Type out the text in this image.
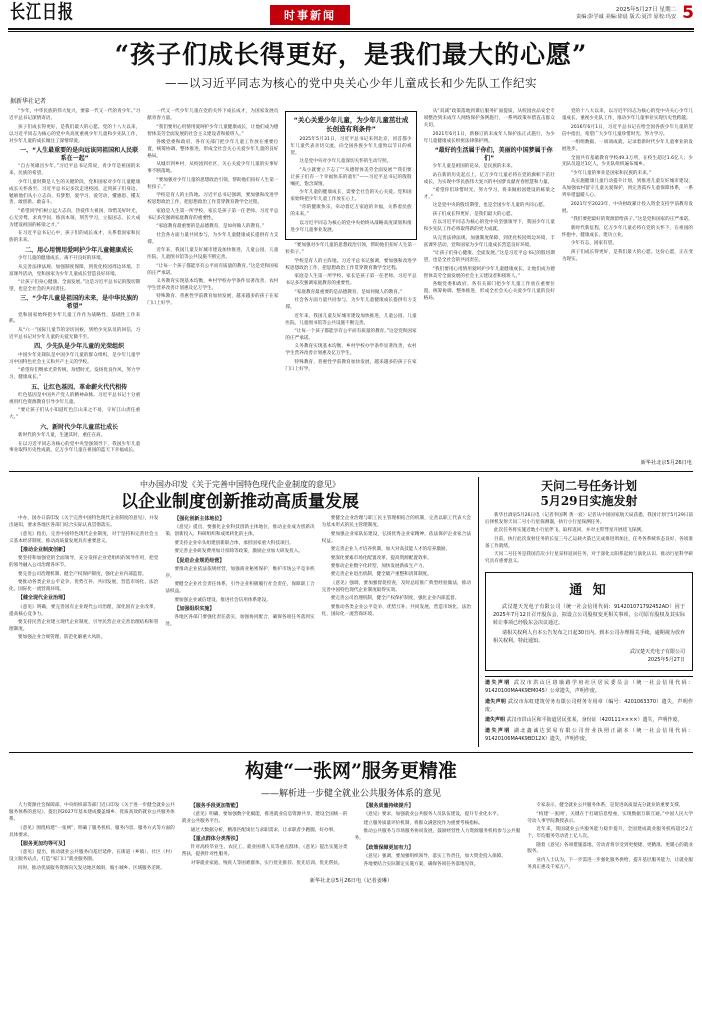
长江日报	时事新闻	2025年5月27日 星期二
责编:彭学诚 美编:徐晨 版式:夏洋 原校:玛安 5
“孩子们成长得更好，是我们最大的心愿”
——以习近平同志为核心的党中央关心少年儿童成长和少先队工作纪实
据新华社记者

“少年，中华民族的伟大复兴，要靠一代又一代的青少年。”习近平总书记深情寄语。

孩子们成长得更好，是我们最大的心愿。党的十八大以来，以习近平同志为核心的党中央高度重视少年儿童和少先队工作，对少年儿童的成长倾注了深情厚爱。

一、“人生最重要的是向远该同祖国和人民联系在一起”

“自古英雄出少年。”习近平总书记常说，青少年是祖国的未来、民族的希望。

少年儿童时期是人生的关键阶段，党和国家对少年儿童健康成长关怀备至。习近平总书记多次走进校园、走到孩子们身边，勉励他们从小立志向、有梦想，爱学习、爱劳动，懂感恩、懂友善，敢创新、敢奋斗。

“希望同学们树立远大志向，热爱伟大祖国，珍惜美好时光，心无旁骛，求真学问，练真本领，刻苦学习，立报国志，长大成为建设祖国的栋梁之才。”

在习近平总书记心中，孩子们的成长成才，关系着国家和民族的未来。

二、用心用情用爱呵护少年儿童健康成长

少年儿童的健康成长，离不开良好的环境。

从完善法律法规、加强制度保障，到优化校园周边环境、丰富课外活动，党和国家为少年儿童成长营造良好环境。

“让孩子们身心健康、全面发展。”这是习近平总书记的殷切期望，也是全社会的共同责任。

三、“少年儿童是祖国的未来，是中华民族的希望”

党和国家始终把少年儿童工作作为战略性、基础性工作来抓。

从“六一”国际儿童节的亲切问候，到给少先队员的回信，习近平总书记对少年儿童的关爱无微不至。

四、少先队是少年儿童的光荣组织

中国少年先锋队是中国少年儿童的群众组织，是少年儿童学习中国特色社会主义和共产主义的学校。

“希望你们继承光荣传统，珍惜时光，发扬优良作风，努力学习，健康成长。”

五、让红色基因、革命薪火代代相传

红色基因是中国共产党人的精神命脉。习近平总书记十分重视用红色资源教育引导少年儿童。

“要让孩子们从小知道红色江山来之不易，守好江山责任重大。”

六、新时代少年儿童茁壮成长

新时代的少年儿童，生逢其时，重任在肩。

在以习近平同志为核心的党中央坚强领导下，我国少年儿童事业取得历史性成就，亿万少年儿童在祖国的蓝天下幸福成长。

一代又一代少年儿童在党的关怀下成长成才，为国家发展贡献青春力量。

“我们要用心用情用爱呵护少年儿童健康成长，让他们成为德智体美劳全面发展的社会主义建设者和接班人。”

各级党委和政府、各有关部门把少年儿童工作放在重要位置，统筹协调、整体推进，形成全社会关心关爱少年儿童的良好格局。

从城市到乡村，从校园到社区，关心关爱少年儿童的实事好事不断落地。

“要加强对少年儿童的思想政治引领，帮助他们扣好人生第一粒扣子。”

学校是育人的主阵地。习近平总书记强调，要加强和改进学校思想政治工作，把思想政治工作贯穿教育教学全过程。

家庭是人生第一所学校，家长是孩子第一任老师。习近平总书记多次强调家庭教育的重要性。

“家庭教育最重要的是品德教育，是如何做人的教育。”

社会各方面力量共同参与，为少年儿童健康成长提供有力支撑。

近年来，我国儿童友好城市建设加快推进，儿童公园、儿童医院、儿童图书馆等公共设施不断完善。

“让每一个孩子都能享有公平而有质量的教育。”这是党和国家的庄严承诺。

义务教育实现基本均衡，乡村学校办学条件显著改善，农村学生营养改善计划惠及亿万学生。

特殊教育、普惠性学前教育加快发展，越来越多的孩子在家门口上好学。

“关心关爱少年儿童，为少年儿童茁壮成长创造有利条件”

2025年5月31日，习近平总书记来到北京，同首都少年儿童代表亲切交流，向全国各族少年儿童致以节日的祝贺。

这是党中央对少年儿童深切关怀的生动写照。

“从小就要立下志了”“从德智体美劳全面发展”“我们要让孩子们有一个幸福快乐的童年”——习近平总书记的殷殷嘱托，饱含深情。

少年儿童的健康成长，需要全社会的关心关爱。党和国家始终把少年儿童工作放在心上。

“你的健康快乐，牵动着亿万家庭的幸福，关系着民族的未来。”

以习近平同志为核心的党中央始终从战略高度谋划和推进少年儿童事业发展。

“要加强对少年儿童的思想政治引领，帮助他们扣好人生第一粒扣子。”

学校是育人的主阵地。习近平总书记强调，要加强和改进学校思想政治工作，把思想政治工作贯穿教育教学全过程。

家庭是人生第一所学校，家长是孩子第一任老师。习近平总书记多次强调家庭教育的重要性。

“家庭教育最重要的是品德教育，是如何做人的教育。”

社会各方面力量共同参与，为少年儿童健康成长提供有力支撑。

近年来，我国儿童友好城市建设加快推进，儿童公园、儿童医院、儿童图书馆等公共设施不断完善。

“让每一个孩子都能享有公平而有质量的教育。”这是党和国家的庄严承诺。

义务教育实现基本均衡，乡村学校办学条件显著改善，农村学生营养改善计划惠及亿万学生。

特殊教育、普惠性学前教育加快发展，越来越多的孩子在家门口上好学。

从“双减”政策落地到课后服务扩面提质，从校园食品安全专项整治到未成年人网络保护条例施行，一系列政策举措直击群众关切。

2021年6月1日，新修订的未成年人保护法正式施行，为少年儿童健康成长织密法律保护网。

“最好的生活属于你们，美丽的中国梦属于你们”

少年儿童是祖国的花朵，是民族的未来。

站在新的历史起点上，亿万少年儿童必将在党的旗帜下茁壮成长，为实现中华民族伟大复兴的中国梦贡献青春智慧和力量。

“希望你们珍惜时光，努力学习，将来做祖国建设的栋梁之才。”

这是党中央的殷切期望，也是全国少年儿童的共同心愿。

孩子们成长得更好，是我们最大的心愿。

在以习近平同志为核心的党中央坚强领导下，我国少年儿童和少先队工作必将取得新的更大成就。

从完善法律法规、加强制度保障，到优化校园周边环境、丰富课外活动，党和国家为少年儿童成长营造良好环境。

“让孩子们身心健康、全面发展。”这是习近平总书记的殷切期望，也是全社会的共同责任。

“我们要用心用情用爱呵护少年儿童健康成长，让他们成为德智体美劳全面发展的社会主义建设者和接班人。”

各级党委和政府、各有关部门把少年儿童工作放在重要位置，统筹协调、整体推进，形成全社会关心关爱少年儿童的良好格局。

党的十八大以来，以习近平同志为核心的党中央关心少年儿童成长、重视少先队工作，推动少年儿童事业实现历史性跨越。

2016年6月1日，习近平总书记在给全国各族少年儿童的贺信中指出，希望广大少年儿童珍惜时光、努力学习。

一组组数据、一项项成就，记录着新时代少年儿童事业的发展进步。

全国共有基础教育学校49.3万所，在校生超过1.6亿人；少先队员超过1亿人，少先队组织遍布城乡。

“少年儿童的事业是国家和民族的未来。”

从实施健康儿童行动提升计划，到推进儿童友好城市建设；从加强农村留守儿童关爱保护，到完善孤弃儿童保障体系，一系列举措温暖人心。

2021年至2023年，中央财政累计投入资金支持学前教育发展。

“我们要把最好的资源留给孩子。”这是党和国家的庄严承诺。

新时代新征程，亿万少年儿童必将在党的关怀下，在祖国的怀抱中，健康成长、建功立业。

少年有志，国家有望。

孩子们成长得更好，是我们最大的心愿。这份心愿，正在变为现实。

新华社北京5月26日电
中办国办印发《关于完善中国特色现代企业制度的意见》
以企业制度创新推动高质量发展

中办、国办日前印发《关于完善中国特色现代企业制度的意见》，并发出通知，要求各地区各部门结合实际认真贯彻落实。

《意见》指出，完善中国特色现代企业制度，对于坚持和完善社会主义基本经济制度、推动高质量发展具有重要意义。

【推动企业制度创新】

要坚持和加强党的全面领导，充分发挥企业党组织的领导作用，把党的领导融入公司治理各环节。

要完善公司治理机制，健全产权保护制度，强化企业内部监督。

要推动各类企业公平竞争、优势互补、共同发展，营造市场化、法治化、国际化一流营商环境。

【健全现代企业治理】

《意见》明确，要完善国有企业现代公司治理，深化国有企业改革，提高核心竞争力。

要支持民营企业建立现代企业制度，引导民营企业完善治理结构和管理制度。

要加强企业合规管理，防范化解重大风险。

【强化创新主体地位】

《意见》提出，要强化企业科技创新主体地位，推动企业成为创新决策、创新投入、科研组织和成果转化的主体。

要支持企业牵头组建创新联合体，承担国家重大科技项目。

要完善企业研发费用加计扣除等政策，激励企业加大研发投入。

【促进企业规范经营】

要推动企业依法依规经营，加强商业秘密保护，维护市场公平竞争秩序。

要健全企业社会责任体系，引导企业积极履行社会责任，保障职工合法权益。

要加强企业诚信建设，推进社会信用体系建设。

【加强组织实施】

各地区各部门要强化责任落实，加强协同配合，确保各项任务落到实处。

要健全企业治理与职工民主管理相结合的机制，完善以职工代表大会为基本形式的民主管理制度。

要加强企业家队伍建设，弘扬优秀企业家精神，依法保护企业家合法权益。

要完善企业人才培养机制，加大对高技能人才的培养激励。

要深化要素市场化配置改革，提高资源配置效率。

要推动企业数字化转型，加快发展新质生产力。

要完善企业退出机制，健全破产重整和清算制度。

《意见》强调，要加强督促检查，及时总结推广典型经验做法，推动完善中国特色现代企业制度取得实效。

要完善公司治理机制，健全产权保护制度，强化企业内部监督。

要推动各类企业公平竞争、优势互补、共同发展，营造市场化、法治化、国际化一流营商环境。

天问二号任务计划
5月29日实施发射

新华社酒泉5月26日电（记者李国利 黄一宸）记者从中国国家航天局获悉，我国计划于5月29日前后择机发射天问二号小行星探测器，执行小行星探测任务。

此次任务将实施近地小行星伴飞、取样返回，并对主带彗星开展绕飞探测。

目前，执行此次发射任务的长征三号乙运载火箭已完成推进剂加注，任务各系统状态良好，各项准备工作就绪。

天问二号任务是我国首次小行星采样返回任务，对于深化太阳系起源与演化认识、推动行星科学研究具有重要意义。

通 知

武汉楚天光电子有限公司（统一社会信用代码：914201071792452AD）因于2025年7月12日召开股东会，拟设立公司股权变更相关事项，公司原有股权及其实际转让事项已经股东会决议通过。

请相关权利人自本公告发布之日起30日内，到本公司办理相关手续，逾期视为放弃相关权利。特此通知。

武汉楚天光电子有限公司
2025年5月27日
遗失声明 武汉市洪山区珞瑜路学府社区居民委员会（统一社会信用代码：91420100MA4K9EM045）公章遗失，声明作废。
遗失声明 武汉市东虹建筑劳务有限公司财务专用章（编号：4201063370）遗失，声明作废。
遗失声明 武汉市洪山区和平街道居民张某，身份证（420111××××）遗失，声明作废。
遗失声明 湖北鑫诚达贸易有限公司营业执照正副本（统一社会信用代码：91420106MA4K9BD12X）遗失，声明作废。
构建“一张网”服务更精准
——解析进一步健全就业公共服务体系的意见

人力资源社会保障部、中央组织部等部门近日印发《关于进一步健全就业公共服务体系的意见》，提出到2027年基本建成覆盖城乡、优质高效的就业公共服务体系。

《意见》围绕构建“一张网”，明确了服务机构、服务内容、服务方式等方面的具体要求。

【服务更加均等可及】

《意见》提出，推动就业公共服务向基层延伸，在街道（乡镇）、社区（村）设立服务站点，打造“家门口”就业服务圈。

同时，推动优质服务资源向欠发达地区倾斜，缩小城乡、区域服务差距。

【服务手段更加智能】

《意见》明确，要加强数字化赋能，推进就业信息资源共享，建设全国统一的就业公共服务平台。

通过大数据分析，精准匹配岗位与求职需求，让求职者少跑腿、好办事。

【重点群体分类帮扶】

针对高校毕业生、农民工、就业困难人员等重点群体，《意见》提出实施分类帮扶，提供针对性服务。

对零就业家庭、残疾人等困难群体，实行优先推荐、优先培训、优先帮扶。

【服务质量持续提升】

《意见》要求，加强就业公共服务人员队伍建设，提升专业化水平。

建立服务质量评价机制，将群众满意度作为重要考核指标。

推动公共服务与市场服务协同发展，鼓励经营性人力资源服务机构参与公共服务。

【政策保障更加有力】

《意见》强调，要加强组织领导，落实工作责任，加大资金投入保障。

各地要结合实际制定实施方案，确保各项任务落地见效。

专家表示，健全就业公共服务体系，是促进高质量充分就业的重要支撑。

“构建‘一张网’，关键在于打破信息壁垒，实现数据互联互通。”中国人民大学劳动人事学院教授表示。

近年来，我国就业公共服务能力稳步提升，全国建成就业服务机构超过2万个，年均服务劳动者上亿人次。

随着《意见》各项措施落地，劳动者将享受到更便捷、更精准、更暖心的就业服务。

业内人士认为，下一步需进一步强化服务供给，提升基层服务能力，让就业服务真正惠及千家万户。

新华社北京5月26日电（记者姜琳）
